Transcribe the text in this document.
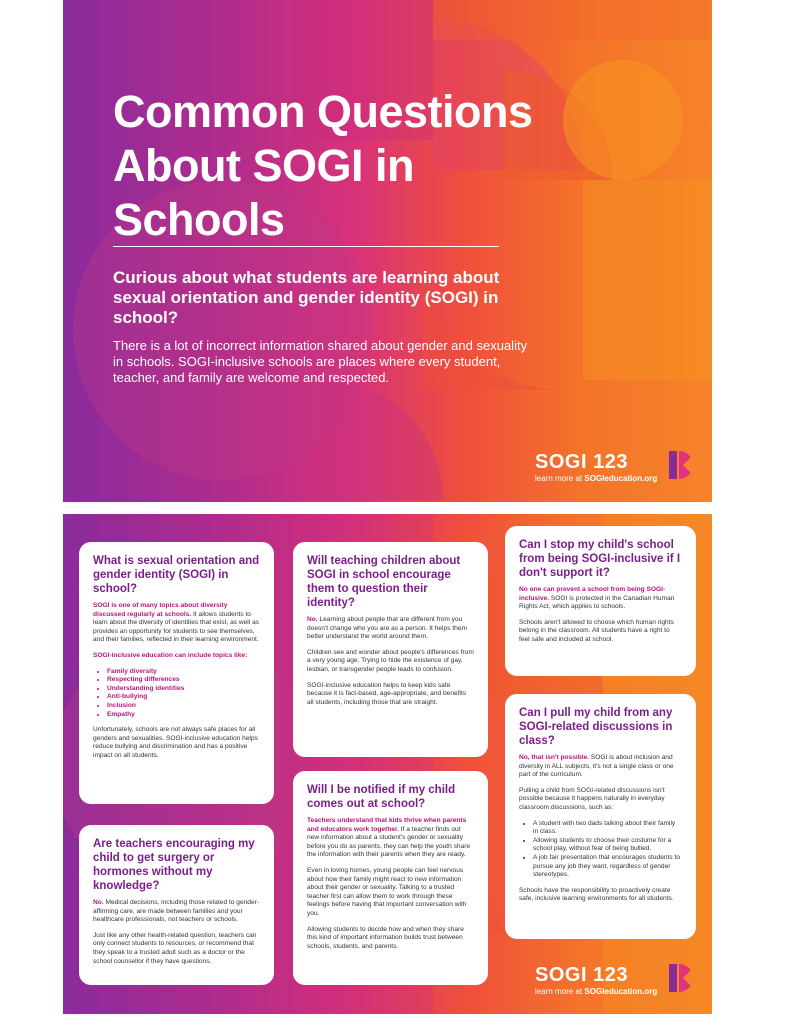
Common Questions About SOGI in Schools
Curious about what students are learning about sexual orientation and gender identity (SOGI) in school?
There is a lot of incorrect information shared about gender and sexuality in schools. SOGI-inclusive schools are places where every student, teacher, and family are welcome and respected.
SOGI 123
learn more at SOGIeducation.org
What is sexual orientation and gender identity (SOGI) in school?

SOGI is one of many topics about diversity discussed regularly at schools. It allows students to learn about the diversity of identities that exist, as well as provides an opportunity for students to see themselves, and their families, reflected in their learning environment.

SOGI-inclusive education can include topics like:

• Family diversity
• Respecting differences
• Understanding identities
• Anti-bullying
• Inclusion
• Empathy

Unfortunately, schools are not always safe places for all genders and sexualities. SOGI-inclusive education helps reduce bullying and discrimination and has a positive impact on all students.

Are teachers encouraging my child to get surgery or hormones without my knowledge?

No. Medical decisions, including those related to gender-affirming care, are made between families and your healthcare professionals, not teachers or schools.

Just like any other health-related question, teachers can only connect students to resources, or recommend that they speak to a trusted adult such as a doctor or the school counsellor if they have questions.

Will teaching children about SOGI in school encourage them to question their identity?

No. Learning about people that are different from you doesn't change who you are as a person. It helps them better understand the world around them.

Children see and wonder about people's differences from a very young age. Trying to hide the existence of gay, lesbian, or transgender people leads to confusion.

SOGI-inclusive education helps to keep kids safe because it is fact-based, age-appropriate, and benefits all students, including those that are straight.

Will I be notified if my child comes out at school?

Teachers understand that kids thrive when parents and educators work together. If a teacher finds out new information about a student's gender or sexuality before you do as parents, they can help the youth share the information with their parents when they are ready.

Even in loving homes, young people can feel nervous about how their family might react to new information about their gender or sexuality. Talking to a trusted teacher first can allow them to work through these feelings before having that important conversation with you.

Allowing students to decide how and when they share this kind of important information builds trust between schools, students, and parents.

Can I stop my child's school from being SOGI-inclusive if I don't support it?

No one can prevent a school from being SOGI-inclusive. SOGI is protected in the Canadian Human Rights Act, which applies to schools.

Schools aren't allowed to choose which human rights belong in the classroom. All students have a right to feel safe and included at school.

Can I pull my child from any SOGI-related discussions in class?

No, that isn't possible. SOGI is about inclusion and diversity in ALL subjects, it's not a single class or one part of the curriculum.

Pulling a child from SOGI-related discussions isn't possible because it happens naturally in everyday classroom discussions, such as:

• A student with two dads talking about their family in class.
• Allowing students to choose their costume for a school play, without fear of being bullied.
• A job fair presentation that encourages students to pursue any job they want, regardless of gender stereotypes.

Schools have the responsibility to proactively create safe, inclusive learning environments for all students.

SOGI 123
learn more at SOGIeducation.org
